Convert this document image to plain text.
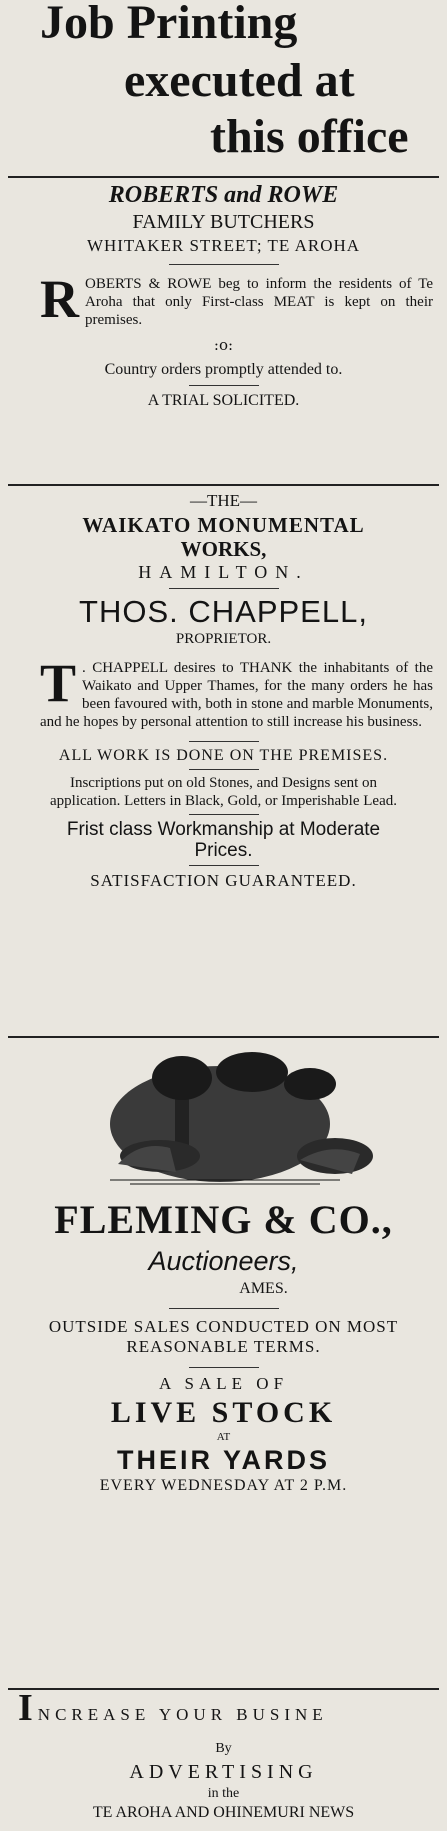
Job Printing
executed at
this office

ROBERTS and ROWE

FAMILY BUTCHERS

WHITAKER STREET; TE AROHA

R OBERTS & ROWE beg to inform the residents of Te Aroha that only First-class MEAT is kept on their premises.

:o:

Country orders promptly attended to.

A TRIAL SOLICITED.

—THE—

WAIKATO MONUMENTAL

WORKS,

HAMILTON.

THOS. CHAPPELL,

PROPRIETOR.

T . CHAPPELL desires to THANK the inhabitants of the Waikato and Upper Thames, for the many orders he has been favoured with, both in stone and marble Monuments, and he hopes by personal attention to still increase his business.

ALL WORK IS DONE ON THE PREMISES.

Inscriptions put on old Stones, and Designs sent on application. Letters in Black, Gold, or Imperishable Lead.

Frist class Workmanship at Moderate Prices.

SATISFACTION GUARANTEED.

FLEMING & CO.,

Auctioneers,

AMES.

OUTSIDE SALES CONDUCTED ON MOST REASONABLE TERMS.

A SALE OF

LIVE STOCK

AT

THEIR YARDS

EVERY WEDNESDAY AT 2 P.M.

INCREASE YOUR BUSINE

By

ADVERTISING

in the

TE AROHA AND OHINEMURI NEWS
